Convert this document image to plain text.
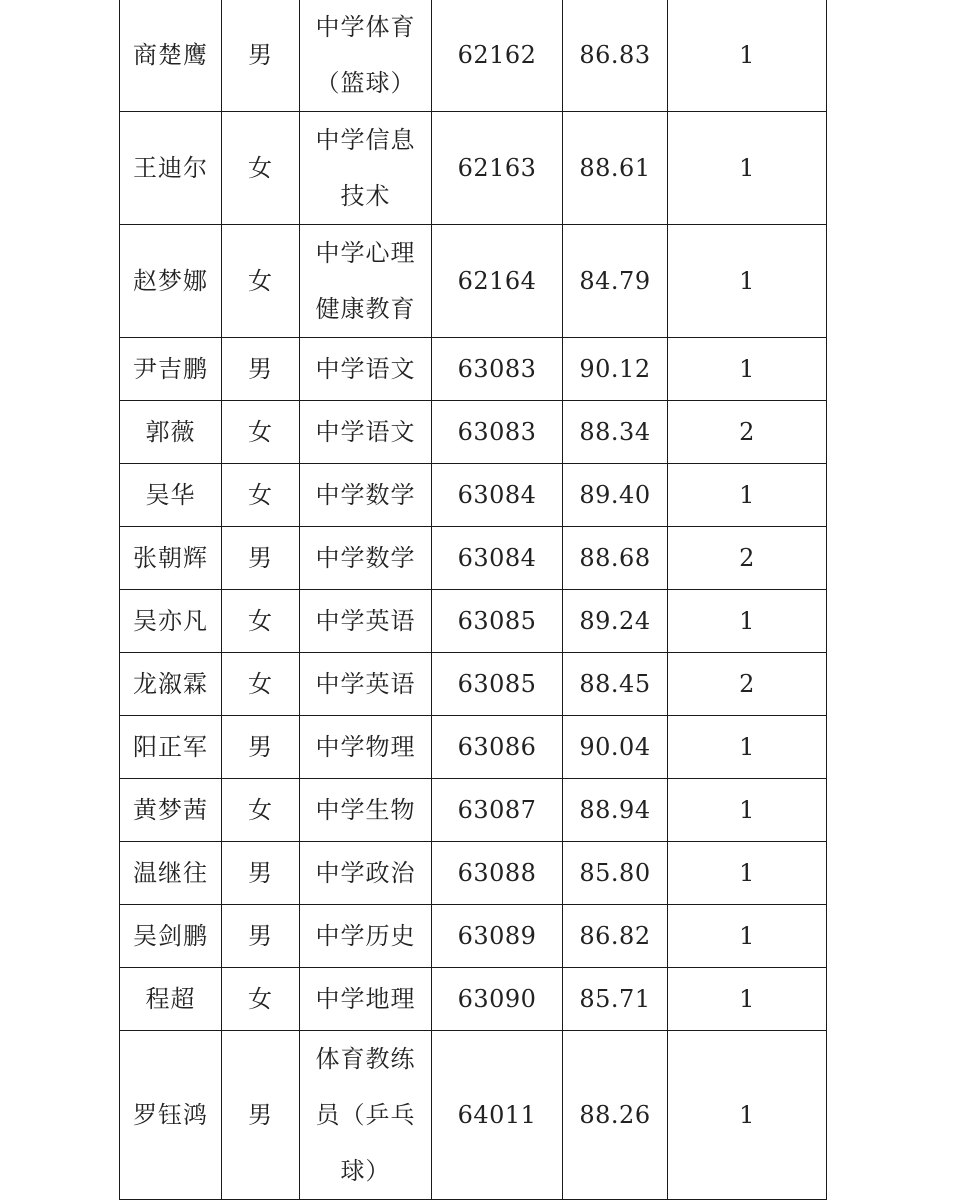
商楚鹰	男	中学体育（篮球）	62162	86.83	1
王迪尔	女	中学信息技术	62163	88.61	1
赵梦娜	女	中学心理健康教育	62164	84.79	1
尹吉鹏	男	中学语文	63083	90.12	1
郭薇	女	中学语文	63083	88.34	2
吴华	女	中学数学	63084	89.40	1
张朝辉	男	中学数学	63084	88.68	2
吴亦凡	女	中学英语	63085	89.24	1
龙溆霖	女	中学英语	63085	88.45	2
阳正军	男	中学物理	63086	90.04	1
黄梦茜	女	中学生物	63087	88.94	1
温继往	男	中学政治	63088	85.80	1
吴剑鹏	男	中学历史	63089	86.82	1
程超	女	中学地理	63090	85.71	1
罗钰鸿	男	体育教练员（乒乓球）	64011	88.26	1
